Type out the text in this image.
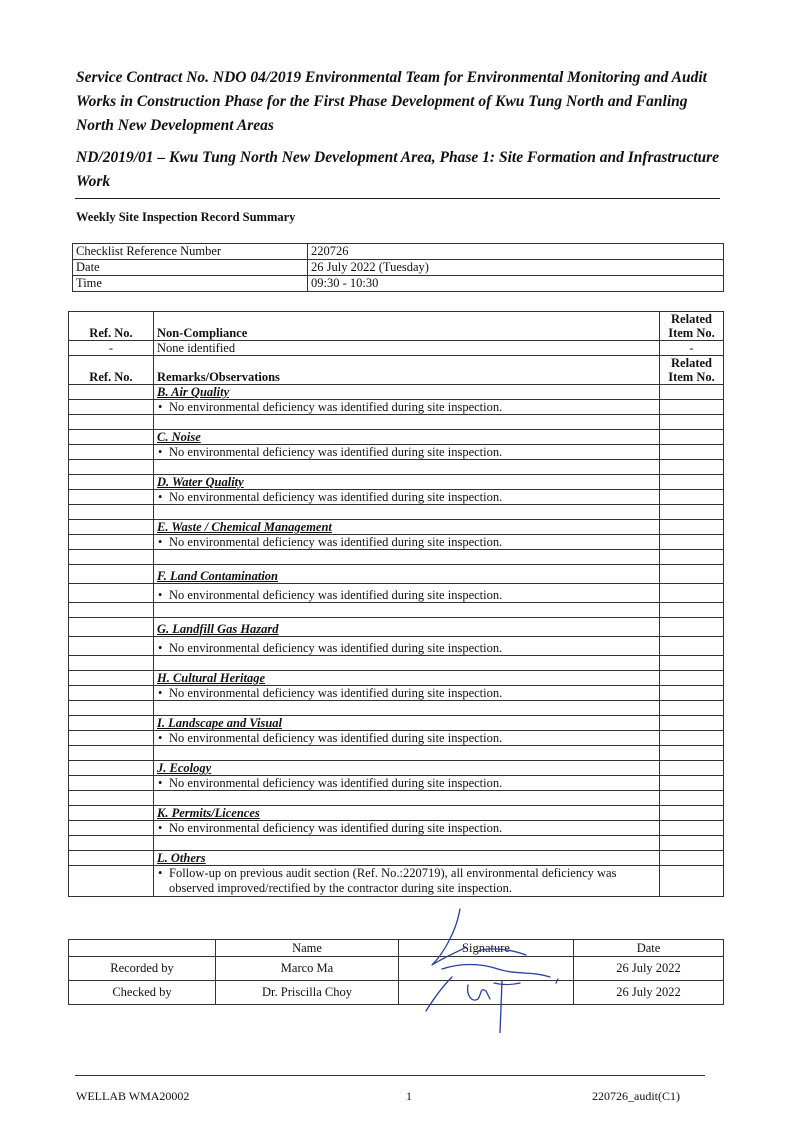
Service Contract No. NDO 04/2019 Environmental Team for Environmental Monitoring and Audit Works in Construction Phase for the First Phase Development of Kwu Tung North and Fanling North New Development Areas

ND/2019/01 – Kwu Tung North New Development Area, Phase 1: Site Formation and Infrastructure Work

Weekly Site Inspection Record Summary
Checklist Reference Number	220726
Date	26 July 2022 (Tuesday)
Time	09:30 - 10:30
Ref. No.	Non-Compliance	Related
Item No.

-	None identified	-
Ref. No.	Remarks/Observations	Related
Item No.

	B. Air Quality	
	• No environmental deficiency was identified during site inspection.	

	C. Noise	
	• No environmental deficiency was identified during site inspection.	

	D. Water Quality	
	• No environmental deficiency was identified during site inspection.	

	E. Waste / Chemical Management	
	• No environmental deficiency was identified during site inspection.	

	F. Land Contamination	
	• No environmental deficiency was identified during site inspection.	

	G. Landfill Gas Hazard	
	• No environmental deficiency was identified during site inspection.	

	H. Cultural Heritage	
	• No environmental deficiency was identified during site inspection.	

	I. Landscape and Visual	
	• No environmental deficiency was identified during site inspection.	

	J. Ecology	
	• No environmental deficiency was identified during site inspection.	

	K. Permits/Licences	
	• No environmental deficiency was identified during site inspection.	

	L. Others	

	• Follow-up on previous audit section (Ref. No.:220719), all environmental deficiency was
observed improved/rectified by the contractor during site inspection.	

	Name	Signature	Date
Recorded by	Marco Ma		26 July 2022
Checked by	Dr. Priscilla Choy		26 July 2022
WELLAB WMA20002	1	220726_audit(C1)
